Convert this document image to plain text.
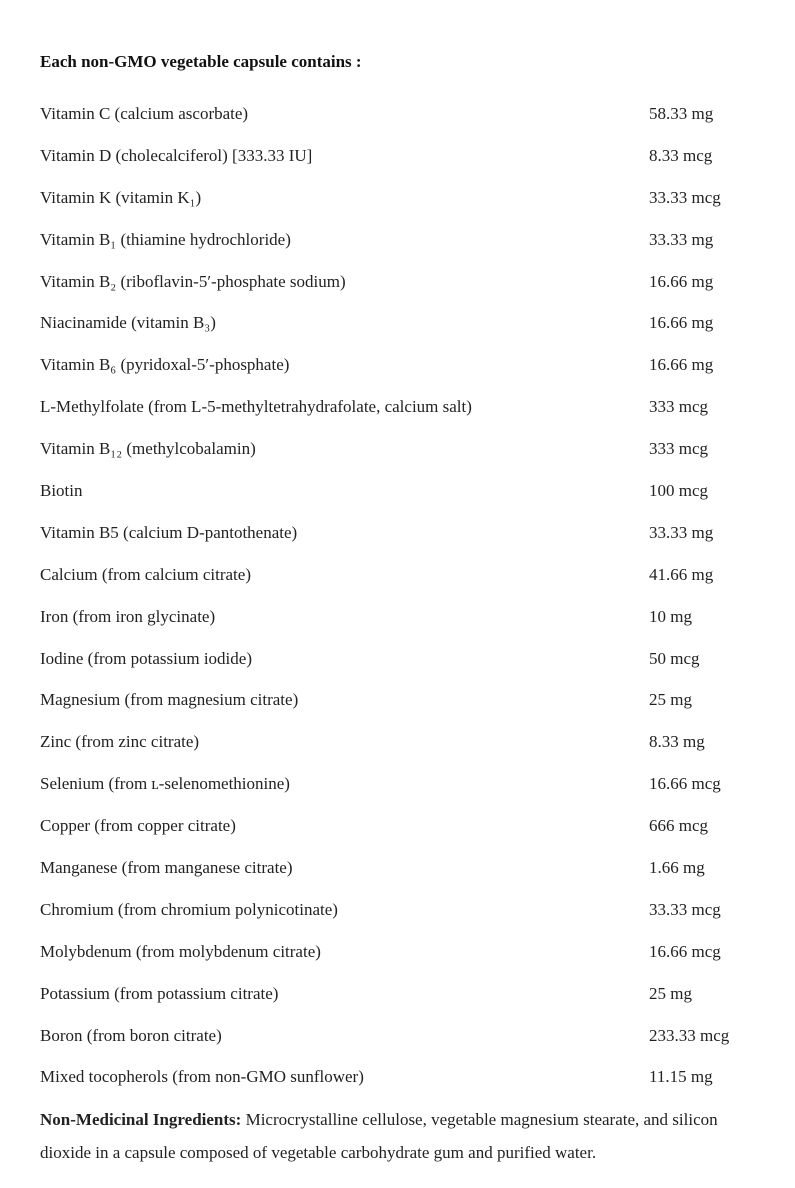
Each non-GMO vegetable capsule contains :
Vitamin C (calcium ascorbate)	58.33 mg
Vitamin D (cholecalciferol) [333.33 IU]	8.33 mcg
Vitamin K (vitamin K₁)	33.33 mcg
Vitamin B₁ (thiamine hydrochloride)	33.33 mg
Vitamin B₂ (riboflavin-5′-phosphate sodium)	16.66 mg
Niacinamide (vitamin B₃)	16.66 mg
Vitamin B₆ (pyridoxal-5′-phosphate)	16.66 mg
L-Methylfolate (from L-5-methyltetrahydrafolate, calcium salt)	333 mcg
Vitamin B₁₂ (methylcobalamin)	333 mcg
Biotin	100 mcg
Vitamin B5 (calcium D-pantothenate)	33.33 mg
Calcium (from calcium citrate)	41.66 mg
Iron (from iron glycinate)	10 mg
Iodine (from potassium iodide)	50 mcg
Magnesium (from magnesium citrate)	25 mg
Zinc (from zinc citrate)	8.33 mg
Selenium (from ʟ-selenomethionine)	16.66 mcg
Copper (from copper citrate)	666 mcg
Manganese (from manganese citrate)	1.66 mg
Chromium (from chromium polynicotinate)	33.33 mcg
Molybdenum (from molybdenum citrate)	16.66 mcg
Potassium (from potassium citrate)	25 mg
Boron (from boron citrate)	233.33 mcg
Mixed tocopherols (from non-GMO sunflower)	11.15 mg
Non-Medicinal Ingredients: Microcrystalline cellulose, vegetable magnesium stearate, and silicon dioxide in a capsule composed of vegetable carbohydrate gum and purified water.
